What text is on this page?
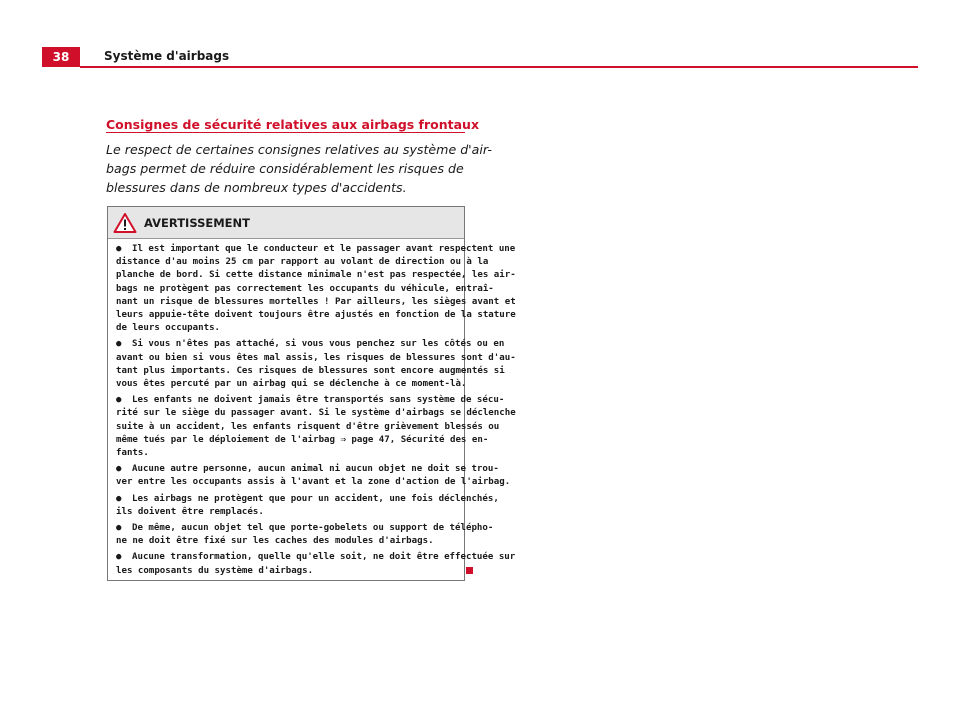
38	Système d'airbags
Consignes de sécurité relatives aux airbags frontaux
Le respect de certaines consignes relatives au système d'air-
bags permet de réduire considérablement les risques de
blessures dans de nombreux types d'accidents.
AVERTISSEMENT
● Il est important que le conducteur et le passager avant respectent une
distance d'au moins 25 cm par rapport au volant de direction ou à la
planche de bord. Si cette distance minimale n'est pas respectée, les air-
bags ne protègent pas correctement les occupants du véhicule, entraî-
nant un risque de blessures mortelles ! Par ailleurs, les sièges avant et
leurs appuie-tête doivent toujours être ajustés en fonction de la stature
de leurs occupants.
● Si vous n'êtes pas attaché, si vous vous penchez sur les côtés ou en
avant ou bien si vous êtes mal assis, les risques de blessures sont d'au-
tant plus importants. Ces risques de blessures sont encore augmentés si
vous êtes percuté par un airbag qui se déclenche à ce moment-là.
● Les enfants ne doivent jamais être transportés sans système de sécu-
rité sur le siège du passager avant. Si le système d'airbags se déclenche
suite à un accident, les enfants risquent d'être grièvement blessés ou
même tués par le déploiement de l'airbag ⇒ page 47, Sécurité des en-
fants.
● Aucune autre personne, aucun animal ni aucun objet ne doit se trou-
ver entre les occupants assis à l'avant et la zone d'action de l'airbag.
● Les airbags ne protègent que pour un accident, une fois déclenchés,
ils doivent être remplacés.
● De même, aucun objet tel que porte-gobelets ou support de télépho-
ne ne doit être fixé sur les caches des modules d'airbags.
● Aucune transformation, quelle qu'elle soit, ne doit être effectuée sur
les composants du système d'airbags.
